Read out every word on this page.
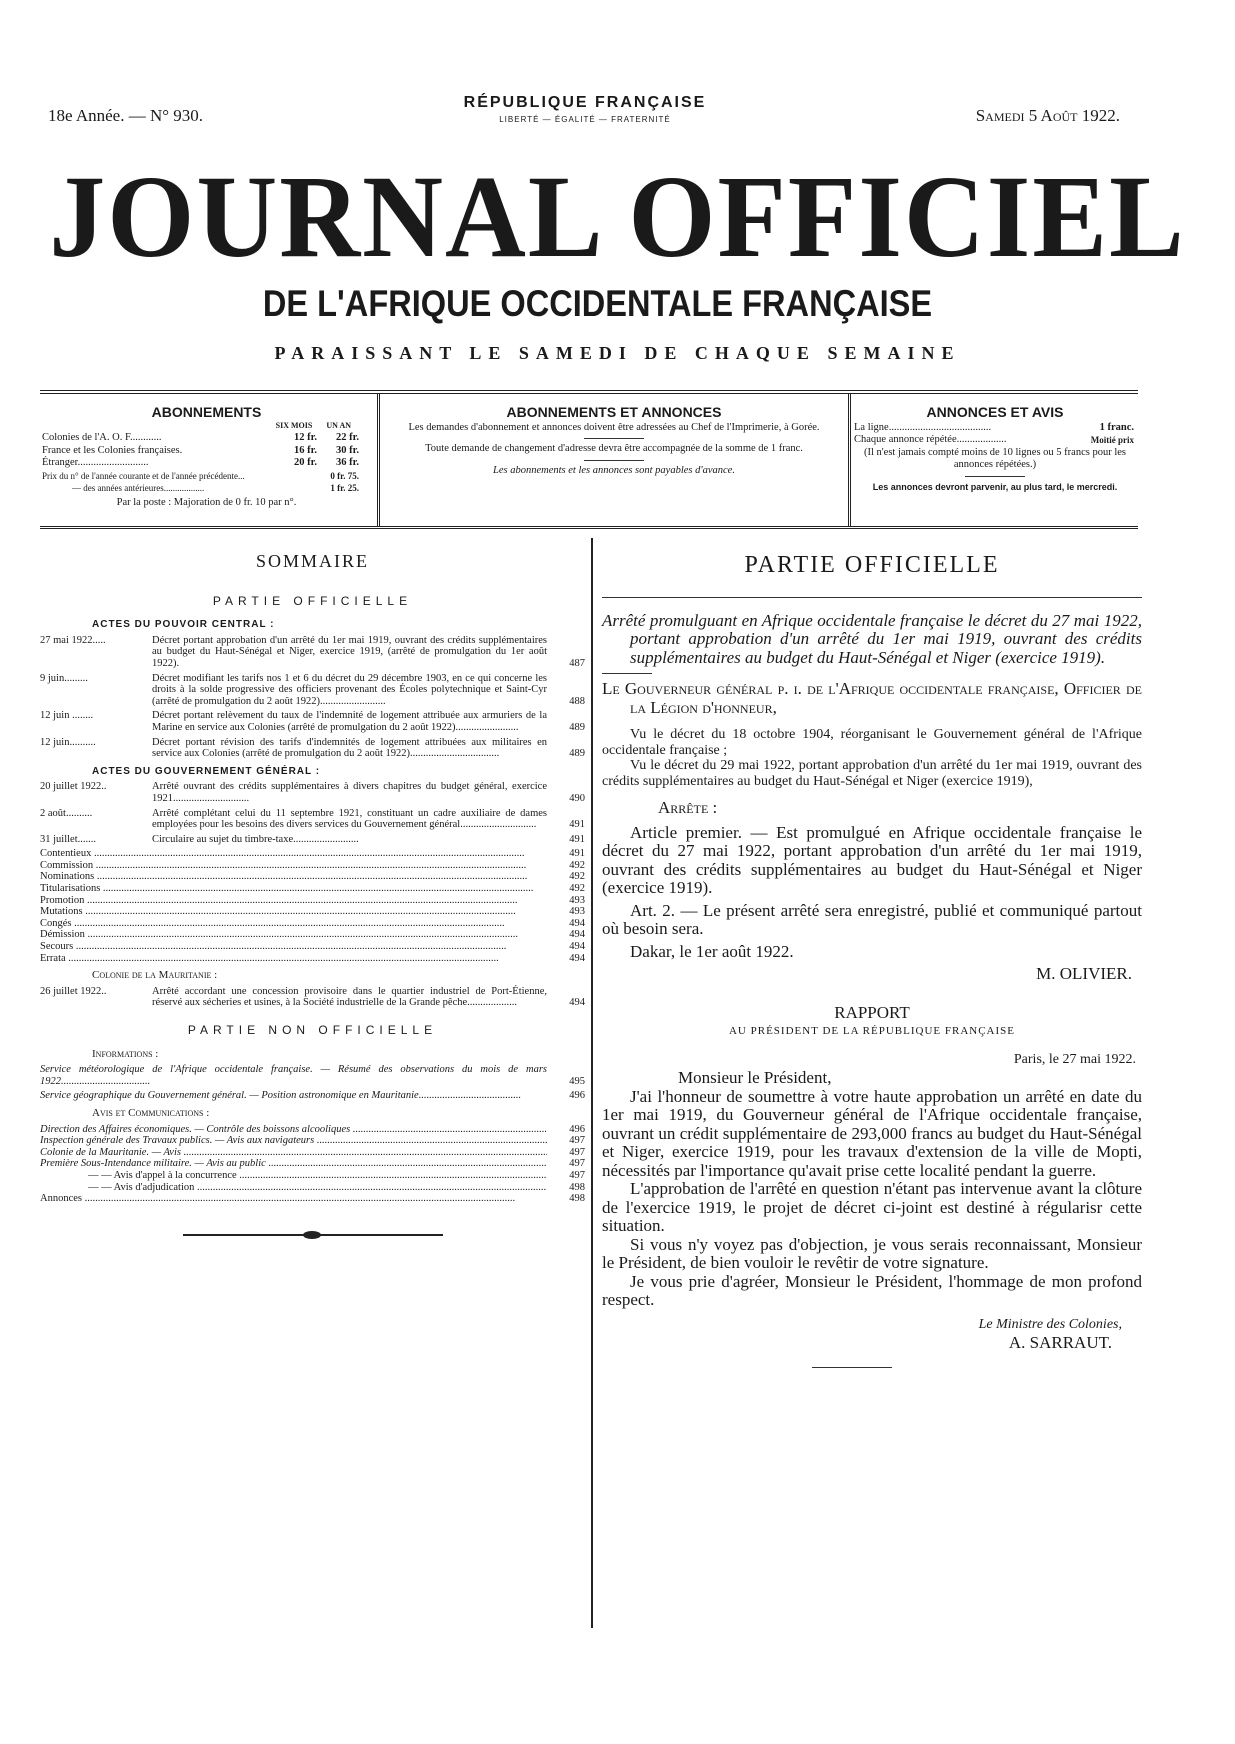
18e Année. — N° 930.
RÉPUBLIQUE FRANÇAISE
LIBERTÉ — ÉGALITÉ — FRATERNITÉ	Samedi 5 Août 1922.
JOURNAL OFFICIEL
DE L'AFRIQUE OCCIDENTALE FRANÇAISE
PARAISSANT LE SAMEDI DE CHAQUE SEMAINE
ABONNEMENTS
SIX MOIS UN AN
Colonies de l'A. O. F............	12 fr.	22 fr.
France et les Colonies françaises.	16 fr.	30 fr.
Étranger...........................	20 fr.	36 fr.
Prix du n° de l'année courante et de l'année précédente...	0 fr. 75.
— des années antérieures..................	1 fr. 25.
Par la poste : Majoration de 0 fr. 10 par n°.
ABONNEMENTS ET ANNONCES
Les demandes d'abonnement et annonces doivent être adressées au Chef de l'Imprimerie, à Gorée.
Toute demande de changement d'adresse devra être accompagnée de la somme de 1 franc.
Les abonnements et les annonces sont payables d'avance.
ANNONCES ET AVIS
La ligne.......................................	1 franc.
Chaque annonce répétée...................	Moitié prix
(Il n'est jamais compté moins de 10 lignes ou 5 francs pour les annonces répétées.)
Les annonces devront parvenir, au plus tard, le mercredi.
SOMMAIRE
PARTIE OFFICIELLE
ACTES DU POUVOIR CENTRAL :
27 mai 1922.....	Décret portant approbation d'un arrêté du 1er mai 1919, ouvrant des crédits supplémentaires au budget du Haut-Sénégal et Niger, exercice 1919, (arrêté de promulgation du 1er août 1922).	487
9 juin.........	Décret modifiant les tarifs nos 1 et 6 du décret du 29 décembre 1903, en ce qui concerne les droits à la solde progressive des officiers provenant des Écoles polytechnique et Saint-Cyr (arrêté de promulgation du 2 août 1922).........................	488
12 juin ........	Décret portant relèvement du taux de l'indemnité de logement attribuée aux armuriers de la Marine en service aux Colonies (arrêté de promulgation du 2 août 1922)........................	489
12 juin..........	Décret portant révision des tarifs d'indemnités de logement attribuées aux militaires en service aux Colonies (arrêté de promulgation du 2 août 1922)..................................	489
ACTES DU GOUVERNEMENT GÉNÉRAL :
20 juillet 1922..	Arrêté ouvrant des crédits supplémentaires à divers chapitres du budget général, exercice 1921.............................	490
2 août..........	Arrêté complétant celui du 11 septembre 1921, constituant un cadre auxiliaire de dames employées pour les besoins des divers services du Gouvernement général.............................	491
31 juillet.......	Circulaire au sujet du timbre-taxe.........................	491
Contentieux .....	491
Commission .....	492
Nominations .....	492
Titularisations .....	492
Promotion .....	493
Mutations .....	493
Congés .....	494
Démission .....	494
Secours .....	494
Errata .....	494
Colonie de la Mauritanie :
26 juillet 1922..	Arrêté accordant une concession provisoire dans le quartier industriel de Port-Étienne, réservé aux sécheries et usines, à la Société industrielle de la Grande pêche...................	494
PARTIE NON OFFICIELLE
Informations :
Service météorologique de l'Afrique occidentale française. — Résumé des observations du mois de mars 1922..................................	495
Service géographique du Gouvernement général. — Position astronomique en Mauritanie.......................................	496
Avis et Communications :
Direction des Affaires économiques. — Contrôle des boissons alcooliques .....	496
Inspection générale des Travaux publics. — Avis aux navigateurs .....	497
Colonie de la Mauritanie. — Avis .....	497
Première Sous-Intendance militaire. — Avis au public .....	497
— — Avis d'appel à la concurrence .....	497
— — Avis d'adjudication .....	498
Annonces .....	498
PARTIE OFFICIELLE

Arrêté promulguant en Afrique occidentale française le décret du 27 mai 1922, portant approbation d'un arrêté du 1er mai 1919, ouvrant des crédits supplémentaires au budget du Haut-Sénégal et Niger (exercice 1919).

Le Gouverneur général p. i. de l'Afrique occidentale française, Officier de la Légion d'honneur,

Vu le décret du 18 octobre 1904, réorganisant le Gouvernement général de l'Afrique occidentale française ;

Vu le décret du 29 mai 1922, portant approbation d'un arrêté du 1er mai 1919, ouvrant des crédits supplémentaires au budget du Haut-Sénégal et Niger (exercice 1919),

Arrête :

Article premier. — Est promulgué en Afrique occidentale française le décret du 27 mai 1922, portant approbation d'un arrêté du 1er mai 1919, ouvrant des crédits supplémentaires au budget du Haut-Sénégal et Niger (exercice 1919).

Art. 2. — Le présent arrêté sera enregistré, publié et communiqué partout où besoin sera.

Dakar, le 1er août 1922.

M. OLIVIER.

RAPPORT

AU PRÉSIDENT DE LA RÉPUBLIQUE FRANÇAISE

Paris, le 27 mai 1922.

Monsieur le Président,

J'ai l'honneur de soumettre à votre haute approbation un arrêté en date du 1er mai 1919, du Gouverneur général de l'Afrique occidentale française, ouvrant un crédit supplémentaire de 293,000 francs au budget du Haut-Sénégal et Niger, exercice 1919, pour les travaux d'extension de la ville de Mopti, nécessités par l'importance qu'avait prise cette localité pendant la guerre.

L'approbation de l'arrêté en question n'étant pas intervenue avant la clôture de l'exercice 1919, le projet de décret ci-joint est destiné à régularisr cette situation.

Si vous n'y voyez pas d'objection, je vous serais reconnaissant, Monsieur le Président, de bien vouloir le revêtir de votre signature.

Je vous prie d'agréer, Monsieur le Président, l'hommage de mon profond respect.

Le Ministre des Colonies,

A. SARRAUT.
